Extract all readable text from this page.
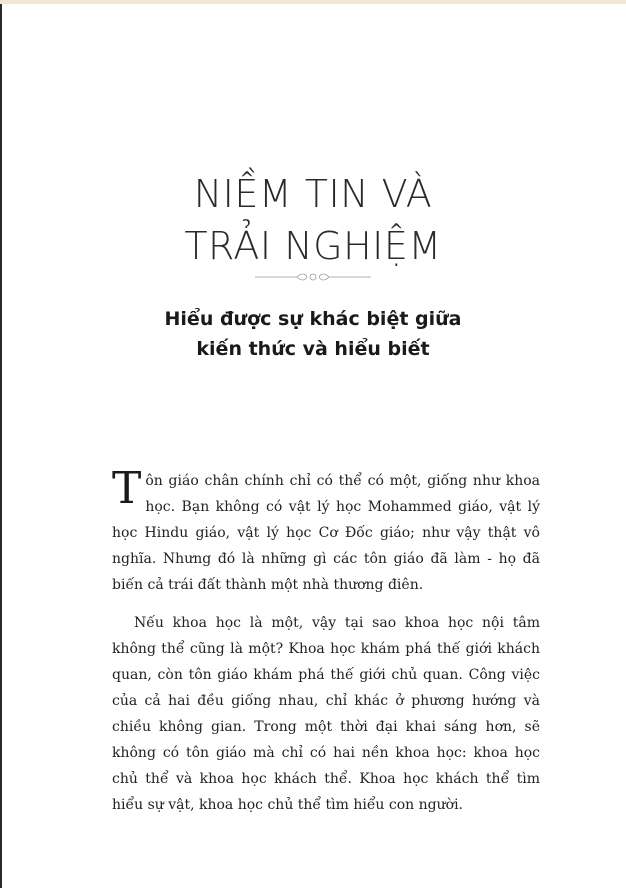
NIỀM TIN VÀ
TRẢI NGHIỆM
Hiểu được sự khác biệt giữa
kiến thức và hiểu biết

Tôn giáo chân chính chỉ có thể có một, giống như khoa học. Bạn không có vật lý học Mohammed giáo, vật lý học Hindu giáo, vật lý học Cơ Đốc giáo; như vậy thật vô nghĩa. Nhưng đó là những gì các tôn giáo đã làm - họ đã biến cả trái đất thành một nhà thương điên.

Nếu khoa học là một, vậy tại sao khoa học nội tâm không thể cũng là một? Khoa học khám phá thế giới khách quan, còn tôn giáo khám phá thế giới chủ quan. Công việc của cả hai đều giống nhau, chỉ khác ở phương hướng và chiều không gian. Trong một thời đại khai sáng hơn, sẽ không có tôn giáo mà chỉ có hai nền khoa học: khoa học chủ thể và khoa học khách thể. Khoa học khách thể tìm hiểu sự vật, khoa học chủ thể tìm hiểu con người.
